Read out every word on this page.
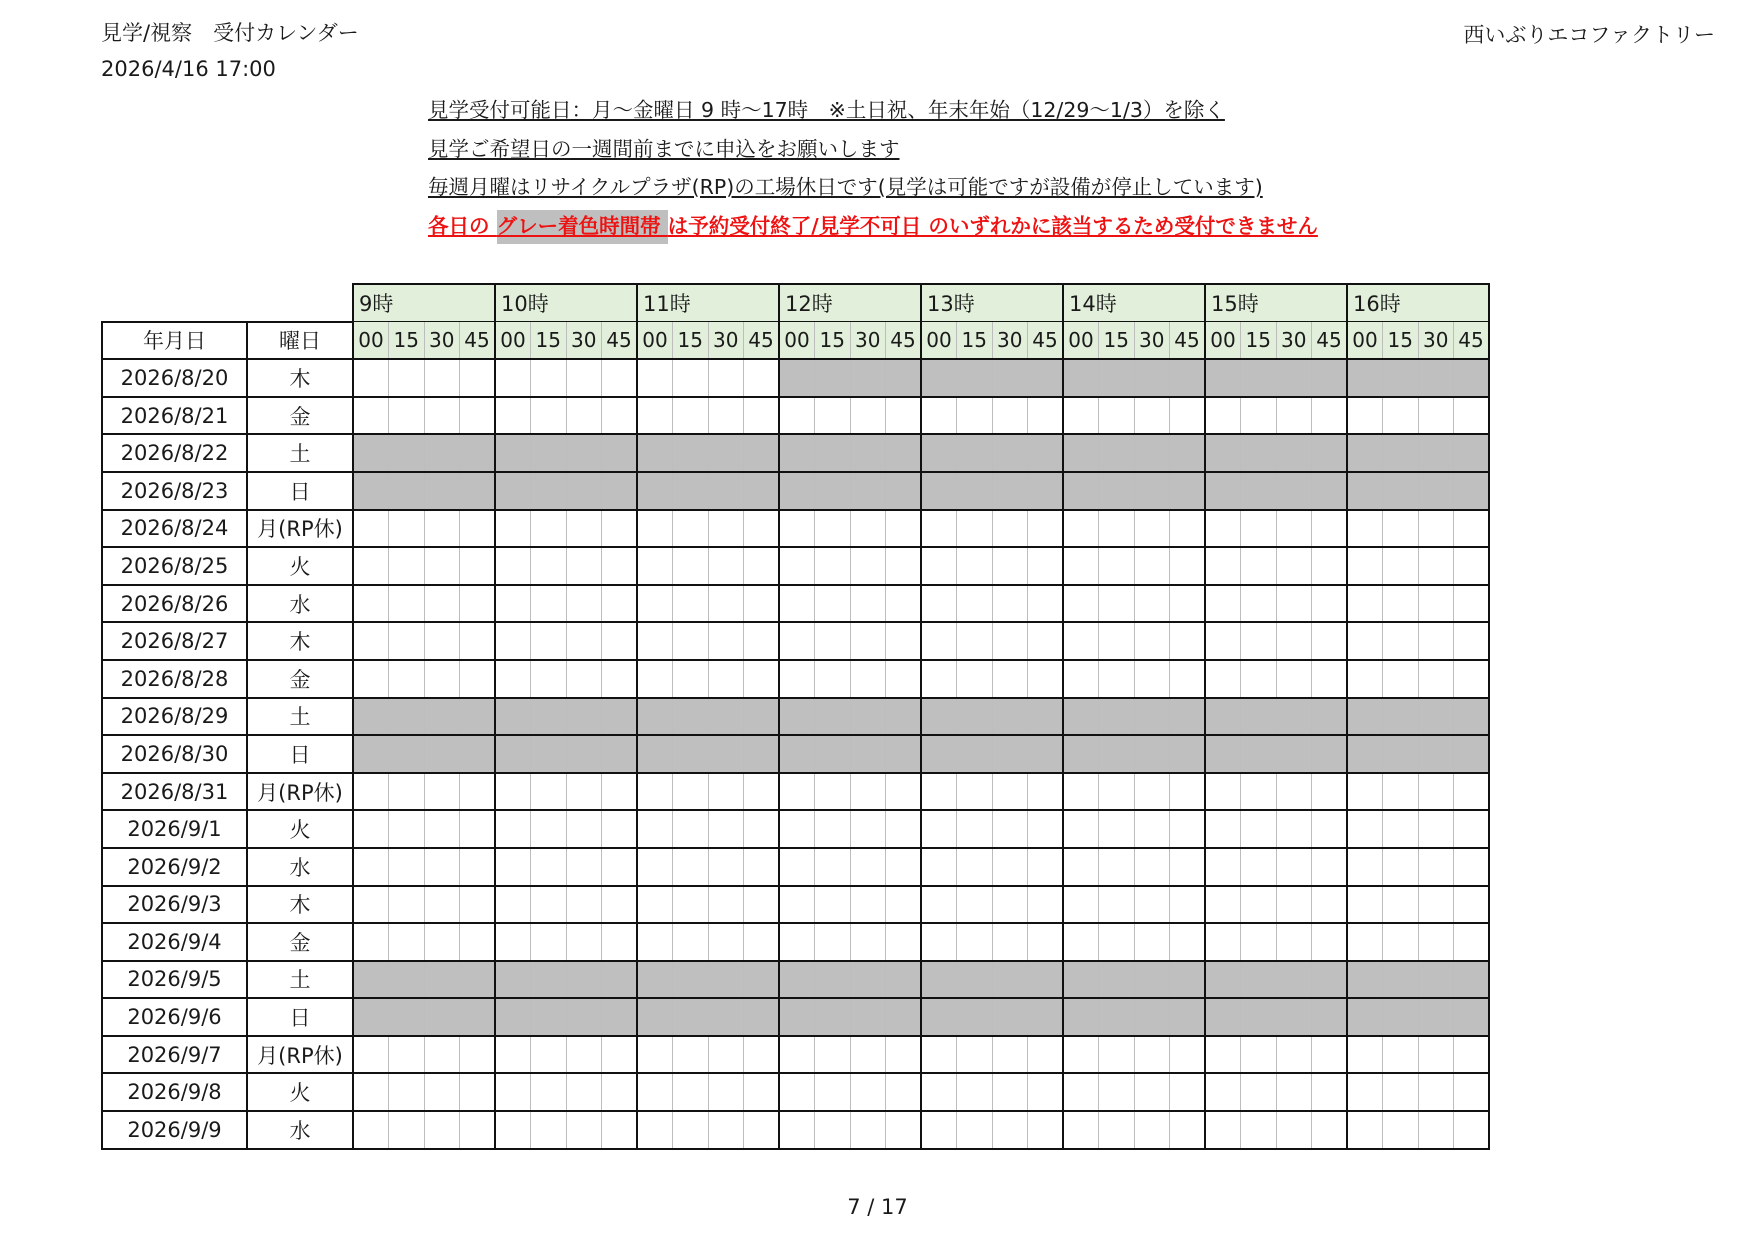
見学/視察　受付カレンダー
2026/4/16 17:00
西いぶりエコファクトリー
見学受付可能日：月～金曜日 9 時～17時　※土日祝、年末年始（12/29～1/3）を除く
見学ご希望日の一週間前までに申込をお願いします
毎週月曜はリサイクルプラザ(RP)の工場休日です(見学は可能ですが設備が停止しています)
各日の グレー着色時間帯 は予約受付終了/見学不可日 のいずれかに該当するため受付できません
		9時				10時				11時				12時				13時				14時				15時				16時			
年月日	曜日	00	15	30	45	00	15	30	45	00	15	30	45	00	15	30	45	00	15	30	45	00	15	30	45	00	15	30	45	00	15	30	45
2026/8/20	木																																
2026/8/21	金																																
2026/8/22	土																																
2026/8/23	日																																
2026/8/24	月(RP休)																																
2026/8/25	火																																
2026/8/26	水																																
2026/8/27	木																																
2026/8/28	金																																
2026/8/29	土																																
2026/8/30	日																																
2026/8/31	月(RP休)																																
2026/9/1	火																																
2026/9/2	水																																
2026/9/3	木																																
2026/9/4	金																																
2026/9/5	土																																
2026/9/6	日																																
2026/9/7	月(RP休)																																
2026/9/8	火																																
2026/9/9	水																																
7 / 17
